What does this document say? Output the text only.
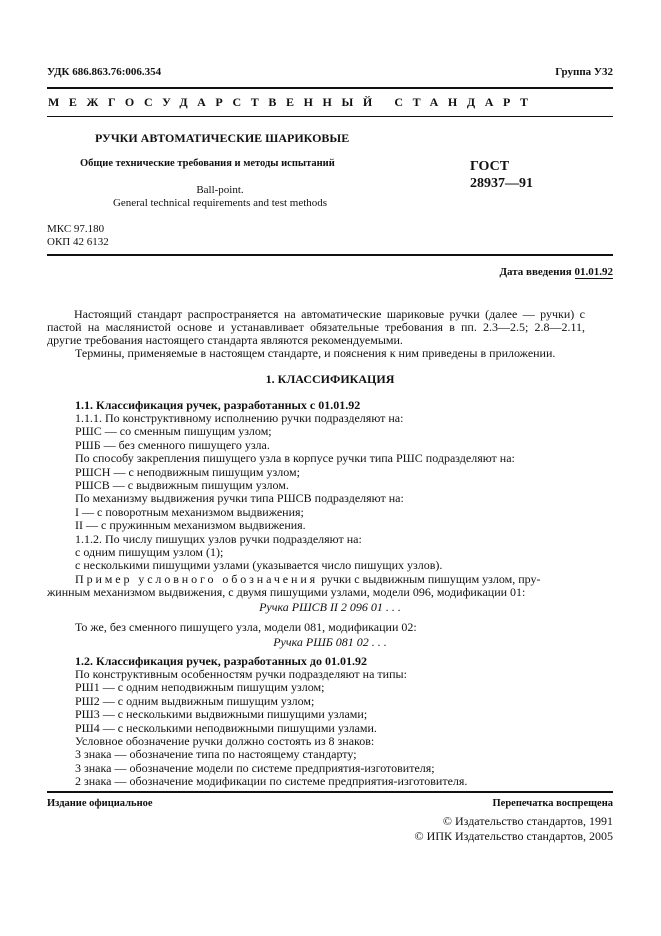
УДК 686.863.76:006.354	Группа У32
МЕЖГОСУДАРСТВЕННЫЙ СТАНДАРТ
РУЧКИ АВТОМАТИЧЕСКИЕ ШАРИКОВЫЕ
Общие технические требования и методы испытаний
Ball-point.
General technical requirements and test methods
ГОСТ
28937—91
МКС 97.180
ОКП 42 6132
Дата введения 01.01.92
Настоящий стандарт распространяется на автоматические шариковые ручки (далее — ручки) с
пастой на маслянистой основе и устанавливает обязательные требования в пп. 2.3—2.5; 2.8—2.11,
другие требования настоящего стандарта являются рекомендуемыми.
Термины, применяемые в настоящем стандарте, и пояснения к ним приведены в приложении.
1. КЛАССИФИКАЦИЯ
1.1. Классификация ручек, разработанных с 01.01.92
1.1.1. По конструктивному исполнению ручки подразделяют на:
РШС — со сменным пишущим узлом;
РШБ — без сменного пишущего узла.
По способу закрепления пишущего узла в корпусе ручки типа РШС подразделяют на:
РШСН — с неподвижным пишущим узлом;
РШСВ — с выдвижным пишущим узлом.
По механизму выдвижения ручки типа РШСВ подразделяют на:
I — с поворотным механизмом выдвижения;
II — с пружинным механизмом выдвижения.
1.1.2. По числу пишущих узлов ручки подразделяют на:
с одним пишущим узлом (1);
с несколькими пишущими узлами (указывается число пишущих узлов).
Пример условного обозначения ручки с выдвижным пишущим узлом, пру-
жинным механизмом выдвижения, с двумя пишущими узлами, модели 096, модификации 01:
Ручка РШСВ II 2 096 01 . . .
То же, без сменного пишущего узла, модели 081, модификации 02:
Ручка РШБ 081 02 . . .
1.2. Классификация ручек, разработанных до 01.01.92
По конструктивным особенностям ручки подразделяют на типы:
РШ1 — с одним неподвижным пишущим узлом;
РШ2 — с одним выдвижным пишущим узлом;
РШ3 — с несколькими выдвижными пишущими узлами;
РШ4 — с несколькими неподвижными пишущими узлами.
Условное обозначение ручки должно состоять из 8 знаков:
3 знака — обозначение типа по настоящему стандарту;
3 знака — обозначение модели по системе предприятия-изготовителя;
2 знака — обозначение модификации по системе предприятия-изготовителя.
Издание официальное	Перепечатка воспрещена
© Издательство стандартов, 1991
© ИПК Издательство стандартов, 2005
